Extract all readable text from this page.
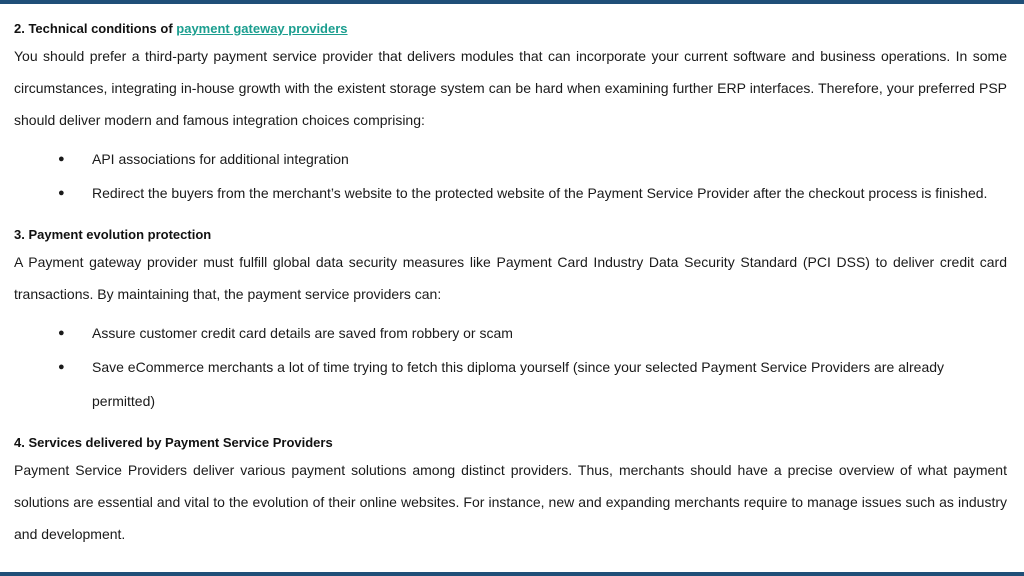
2. Technical conditions of payment gateway providers

You should prefer a third-party payment service provider that delivers modules that can incorporate your current software and business operations. In some circumstances, integrating in-house growth with the existent storage system can be hard when examining further ERP interfaces. Therefore, your preferred PSP should deliver modern and famous integration choices comprising:

● API associations for additional integration
● Redirect the buyers from the merchant’s website to the protected website of the Payment Service Provider after the checkout process is finished.
3. Payment evolution protection

A Payment gateway provider must fulfill global data security measures like Payment Card Industry Data Security Standard (PCI DSS) to deliver credit card transactions. By maintaining that, the payment service providers can:

● Assure customer credit card details are saved from robbery or scam
● Save eCommerce merchants a lot of time trying to fetch this diploma yourself (since your selected Payment Service Providers are already permitted)
4. Services delivered by Payment Service Providers

Payment Service Providers deliver various payment solutions among distinct providers. Thus, merchants should have a precise overview of what payment solutions are essential and vital to the evolution of their online websites. For instance, new and expanding merchants require to manage issues such as industry and development.
